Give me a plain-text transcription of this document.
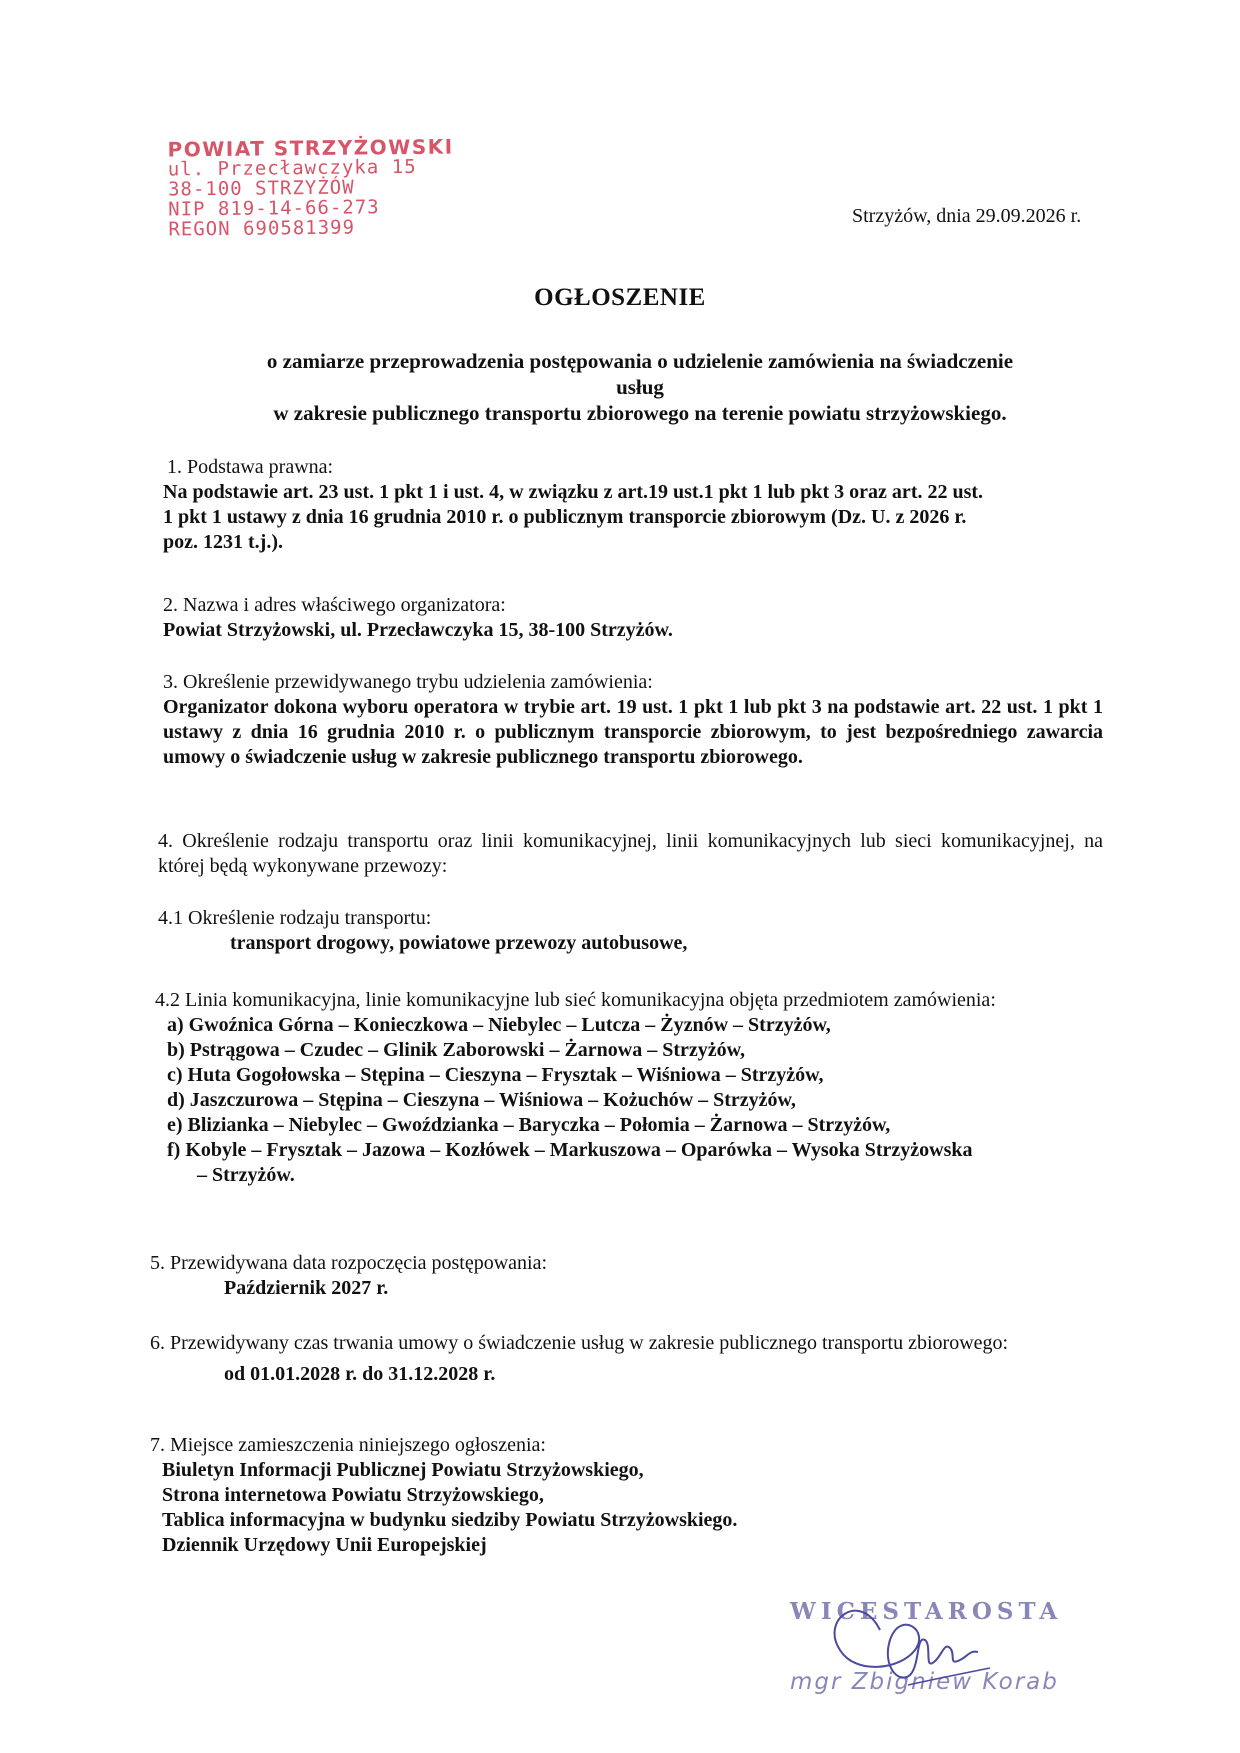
POWIAT STRZYŻOWSKI
ul. Przecławczyka 15
38-100 STRZYŻÓW
NIP 819-14-66-273
REGON 690581399
Strzyżów, dnia 29.09.2026 r.
OGŁOSZENIE
o zamiarze przeprowadzenia postępowania o udzielenie zamówienia na świadczenie
usług
w zakresie publicznego transportu zbiorowego na terenie powiatu strzyżowskiego.
1. Podstawa prawna:
Na podstawie art. 23 ust. 1 pkt 1 i ust. 4, w związku z art.19 ust.1 pkt 1 lub pkt 3 oraz art. 22 ust.
1 pkt 1 ustawy z dnia 16 grudnia 2010 r. o publicznym transporcie zbiorowym (Dz. U. z 2026 r.
poz. 1231 t.j.).
2. Nazwa i adres właściwego organizatora:
Powiat Strzyżowski, ul. Przecławczyka 15, 38-100 Strzyżów.
3. Określenie przewidywanego trybu udzielenia zamówienia:
Organizator dokona wyboru operatora w trybie art. 19 ust. 1 pkt 1 lub pkt 3 na podstawie art. 22 ust. 1 pkt 1 ustawy z dnia 16 grudnia 2010 r. o publicznym transporcie zbiorowym, to jest bezpośredniego zawarcia umowy o świadczenie usług w zakresie publicznego transportu zbiorowego.
4. Określenie rodzaju transportu oraz linii komunikacyjnej, linii komunikacyjnych lub sieci komunikacyjnej, na której będą wykonywane przewozy:
4.1 Określenie rodzaju transportu:
transport drogowy, powiatowe przewozy autobusowe,
4.2 Linia komunikacyjna, linie komunikacyjne lub sieć komunikacyjna objęta przedmiotem zamówienia:
a) Gwoźnica Górna – Konieczkowa – Niebylec – Lutcza – Żyznów – Strzyżów,
b) Pstrągowa – Czudec – Glinik Zaborowski – Żarnowa – Strzyżów,
c) Huta Gogołowska – Stępina – Cieszyna – Frysztak – Wiśniowa – Strzyżów,
d) Jaszczurowa – Stępina – Cieszyna – Wiśniowa – Kożuchów – Strzyżów,
e) Blizianka – Niebylec – Gwoździanka – Baryczka – Połomia – Żarnowa – Strzyżów,
f) Kobyle – Frysztak – Jazowa – Kozłówek – Markuszowa – Oparówka – Wysoka Strzyżowska
– Strzyżów.
5. Przewidywana data rozpoczęcia postępowania:
Październik 2027 r.
6. Przewidywany czas trwania umowy o świadczenie usług w zakresie publicznego transportu zbiorowego:
od 01.01.2028 r. do 31.12.2028 r.
7. Miejsce zamieszczenia niniejszego ogłoszenia:
Biuletyn Informacji Publicznej Powiatu Strzyżowskiego,
Strona internetowa Powiatu Strzyżowskiego,
Tablica informacyjna w budynku siedziby Powiatu Strzyżowskiego.
Dziennik Urzędowy Unii Europejskiej
WICESTAROSTA
mgr Zbigniew Korab
